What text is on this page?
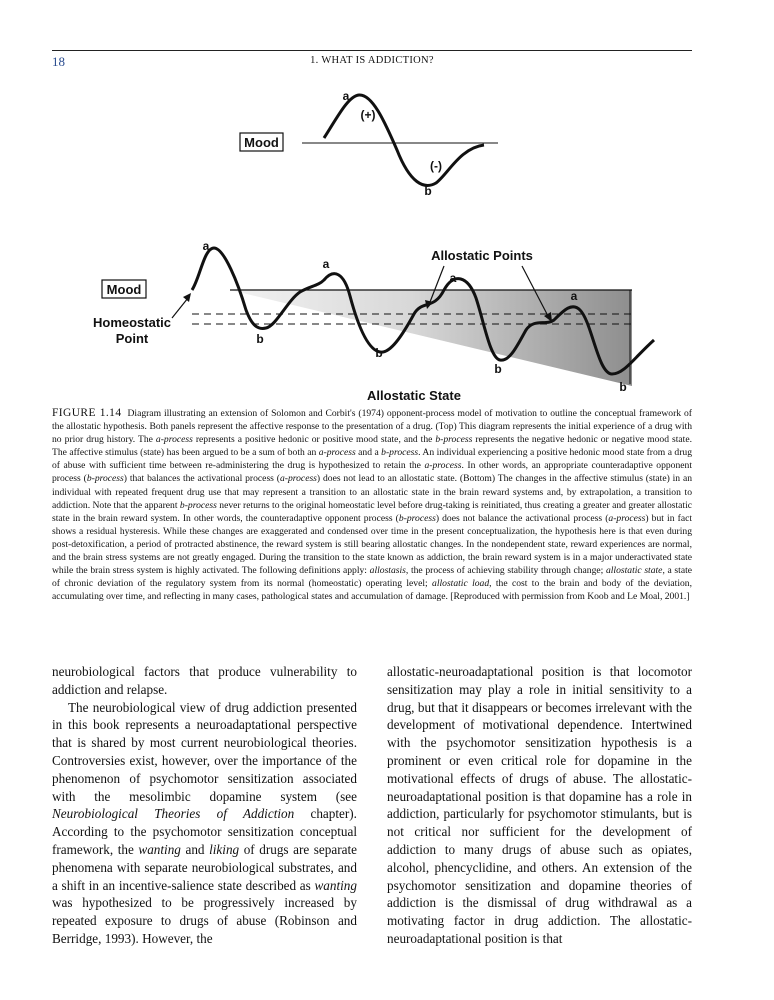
18	1. WHAT IS ADDICTION?
Mood
a
(+)
(-)
b
Mood
Homeostatic
Point
Allostatic Points
Allostatic State
a
a
a
a
b
b
b
b

FIGURE 1.14 Diagram illustrating an extension of Solomon and Corbit's (1974) opponent-process model of motivation to outline the conceptual framework of the allostatic hypothesis. Both panels represent the affective response to the presentation of a drug. (Top) This diagram represents the initial experience of a drug with no prior drug history. The a-process represents a positive hedonic or positive mood state, and the b-process represents the negative hedonic or negative mood state. The affective stimulus (state) has been argued to be a sum of both an a-process and a b-process. An individual experiencing a positive hedonic mood state from a drug of abuse with sufficient time between re-administering the drug is hypothesized to retain the a-process. In other words, an appropriate counteradaptive opponent process (b-process) that balances the activational process (a-process) does not lead to an allostatic state. (Bottom) The changes in the affective stimulus (state) in an individual with repeated frequent drug use that may represent a transition to an allostatic state in the brain reward systems and, by extrapolation, a transition to addiction. Note that the apparent b-process never returns to the original homeostatic level before drug-taking is reinitiated, thus creating a greater and greater allostatic state in the brain reward system. In other words, the counteradaptive opponent process (b-process) does not balance the activational process (a-process) but in fact shows a residual hysteresis. While these changes are exaggerated and condensed over time in the present conceptualization, the hypothesis here is that even during post-detoxification, a period of protracted abstinence, the reward system is still bearing allostatic changes. In the nondependent state, reward experiences are normal, and the brain stress systems are not greatly engaged. During the transition to the state known as addiction, the brain reward system is in a major underactivated state while the brain stress system is highly activated. The following definitions apply: allostasis, the process of achieving stability through change; allostatic state, a state of chronic deviation of the regulatory system from its normal (homeostatic) operating level; allostatic load, the cost to the brain and body of the deviation, accumulating over time, and reflecting in many cases, pathological states and accumulation of damage. [Reproduced with permission from Koob and Le Moal, 2001.]

neurobiological factors that produce vulnerability to addiction and relapse.

The neurobiological view of drug addiction presented in this book represents a neuroadaptational perspective that is shared by most current neurobiological theories. Controversies exist, however, over the importance of the phenomenon of psychomotor sensitization associated with the mesolimbic dopamine system (see Neurobiological Theories of Addiction chapter). According to the psychomotor sensitization conceptual framework, the wanting and liking of drugs are separate phenomena with separate neurobiological substrates, and a shift in an incentive-salience state described as wanting was hypothesized to be progressively increased by repeated exposure to drugs of abuse (Robinson and Berridge, 1993). However, the

allostatic-neuroadaptational position is that locomotor sensitization may play a role in initial sensitivity to a drug, but that it disappears or becomes irrelevant with the development of motivational dependence. Intertwined with the psychomotor sensitization hypothesis is a prominent or even critical role for dopamine in the motivational effects of drugs of abuse. The allostatic- neuroadaptational position is that dopamine has a role in addiction, particularly for psychomotor stimulants, but is not critical nor sufficient for the development of addiction to many drugs of abuse such as opiates, alcohol, phencyclidine, and others. An extension of the psychomotor sensitization and dopamine theories of addiction is the dismissal of drug withdrawal as a motivating factor in drug addiction. The allostatic-neuroadaptational position is that
